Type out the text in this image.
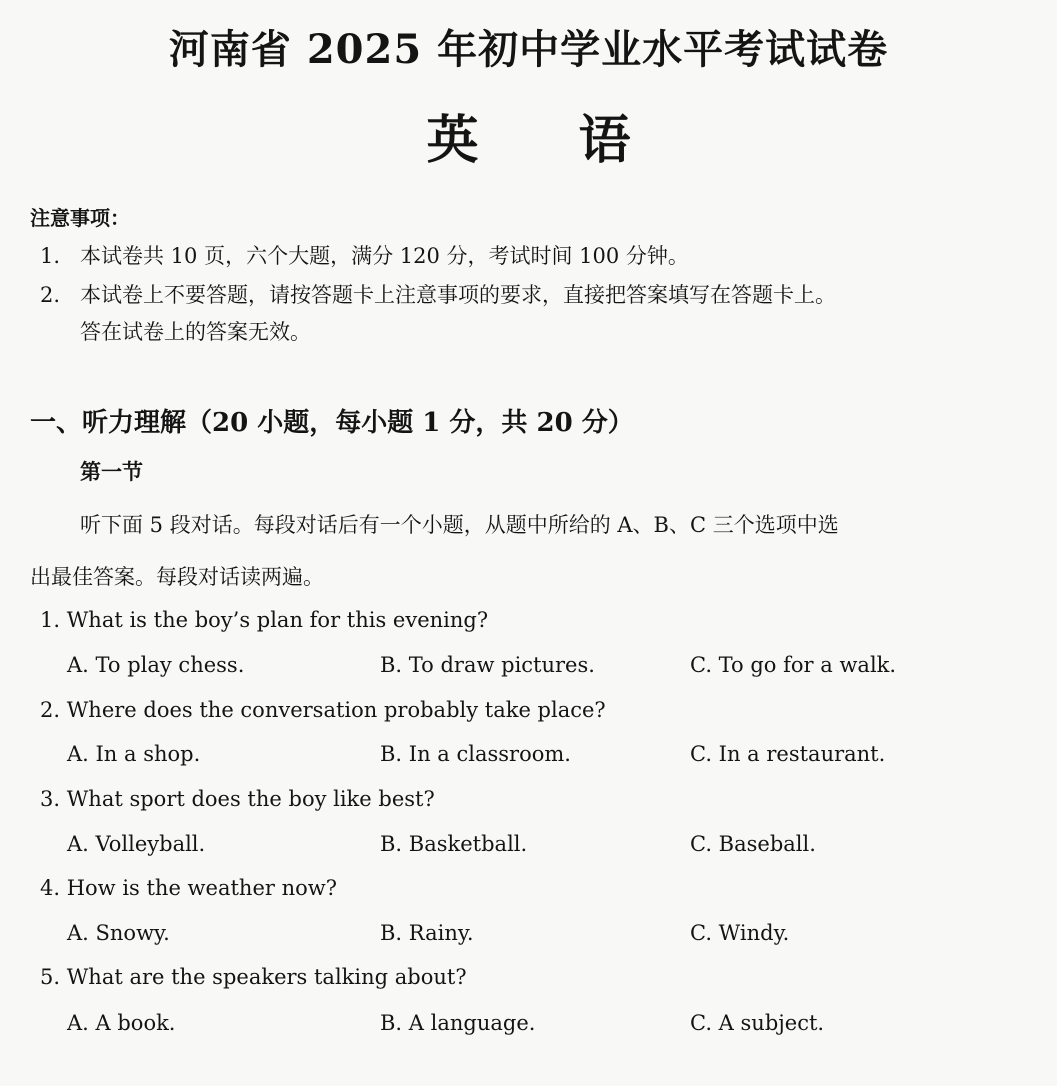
河南省 2025 年初中学业水平考试试卷
英语
注意事项：
1. 本试卷共 10 页，六个大题，满分 120 分，考试时间 100 分钟。
2. 本试卷上不要答题，请按答题卡上注意事项的要求，直接把答案填写在答题卡上。
答在试卷上的答案无效。
一、听力理解（20 小题，每小题 1 分，共 20 分）
第一节
听下面 5 段对话。每段对话后有一个小题，从题中所给的 A、B、C 三个选项中选
出最佳答案。每段对话读两遍。
1. What is the boy’s plan for this evening?
A. To play chess.	B. To draw pictures.	C. To go for a walk.
2. Where does the conversation probably take place?
A. In a shop.	B. In a classroom.	C. In a restaurant.
3. What sport does the boy like best?
A. Volleyball.	B. Basketball.	C. Baseball.
4. How is the weather now?
A. Snowy.	B. Rainy.	C. Windy.
5. What are the speakers talking about?
A. A book.	B. A language.	C. A subject.
